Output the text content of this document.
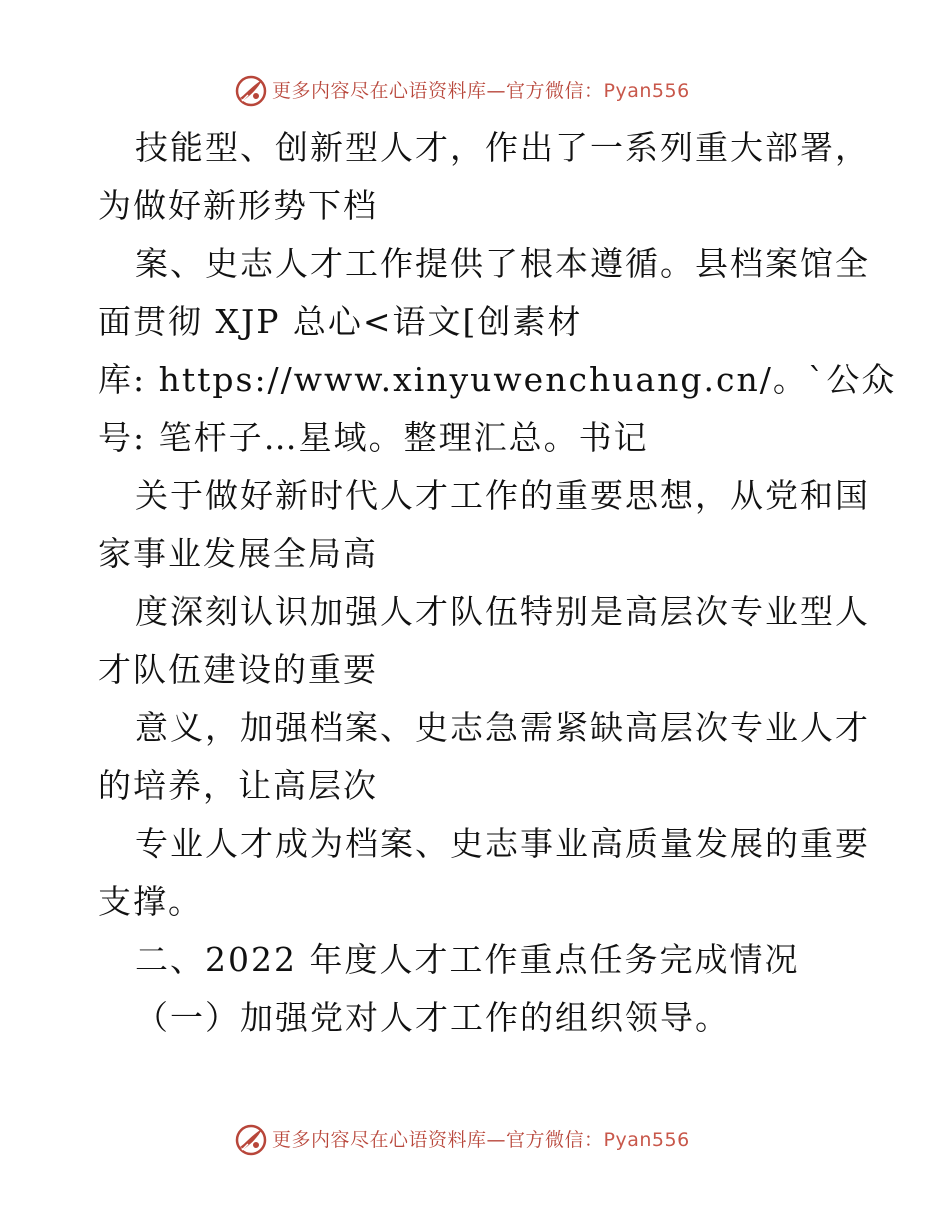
更多内容尽在心语资料库—官方微信：Pyan556
技能型、创新型人才，作出了一系列重大部署，
为做好新形势下档
案、史志人才工作提供了根本遵循。县档案馆全
面贯彻 XJP 总心<语文[创素材
库: https://www.xinyuwenchuang.cn/。`公众
号: 笔杆子…星域。整理汇总。书记
关于做好新时代人才工作的重要思想，从党和国
家事业发展全局高
度深刻认识加强人才队伍特别是高层次专业型人
才队伍建设的重要
意义，加强档案、史志急需紧缺高层次专业人才
的培养，让高层次
专业人才成为档案、史志事业高质量发展的重要
支撑。
二、2022 年度人才工作重点任务完成情况
（一）加强党对人才工作的组织领导。
更多内容尽在心语资料库—官方微信：Pyan556
